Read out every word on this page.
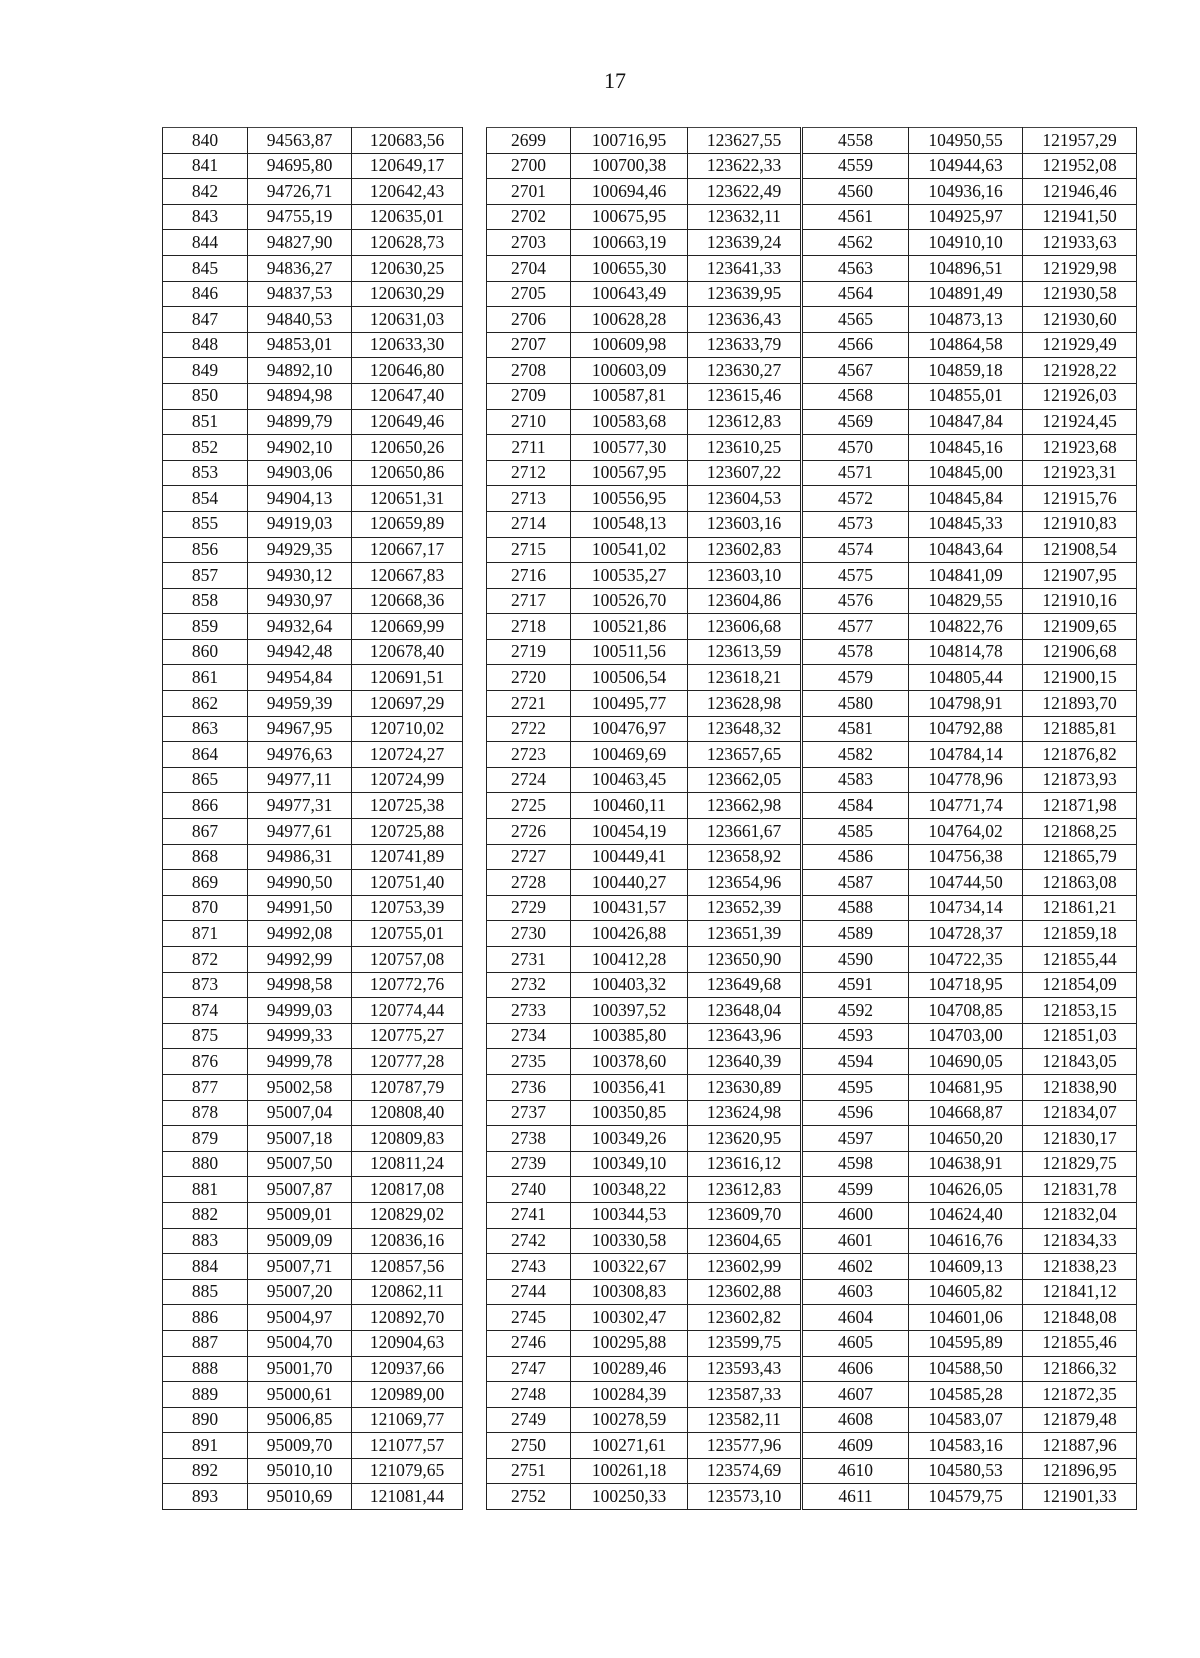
17
840	94563,87	120683,56
841	94695,80	120649,17
842	94726,71	120642,43
843	94755,19	120635,01
844	94827,90	120628,73
845	94836,27	120630,25
846	94837,53	120630,29
847	94840,53	120631,03
848	94853,01	120633,30
849	94892,10	120646,80
850	94894,98	120647,40
851	94899,79	120649,46
852	94902,10	120650,26
853	94903,06	120650,86
854	94904,13	120651,31
855	94919,03	120659,89
856	94929,35	120667,17
857	94930,12	120667,83
858	94930,97	120668,36
859	94932,64	120669,99
860	94942,48	120678,40
861	94954,84	120691,51
862	94959,39	120697,29
863	94967,95	120710,02
864	94976,63	120724,27
865	94977,11	120724,99
866	94977,31	120725,38
867	94977,61	120725,88
868	94986,31	120741,89
869	94990,50	120751,40
870	94991,50	120753,39
871	94992,08	120755,01
872	94992,99	120757,08
873	94998,58	120772,76
874	94999,03	120774,44
875	94999,33	120775,27
876	94999,78	120777,28
877	95002,58	120787,79
878	95007,04	120808,40
879	95007,18	120809,83
880	95007,50	120811,24
881	95007,87	120817,08
882	95009,01	120829,02
883	95009,09	120836,16
884	95007,71	120857,56
885	95007,20	120862,11
886	95004,97	120892,70
887	95004,70	120904,63
888	95001,70	120937,66
889	95000,61	120989,00
890	95006,85	121069,77
891	95009,70	121077,57
892	95010,10	121079,65
893	95010,69	121081,44
2699	100716,95	123627,55
2700	100700,38	123622,33
2701	100694,46	123622,49
2702	100675,95	123632,11
2703	100663,19	123639,24
2704	100655,30	123641,33
2705	100643,49	123639,95
2706	100628,28	123636,43
2707	100609,98	123633,79
2708	100603,09	123630,27
2709	100587,81	123615,46
2710	100583,68	123612,83
2711	100577,30	123610,25
2712	100567,95	123607,22
2713	100556,95	123604,53
2714	100548,13	123603,16
2715	100541,02	123602,83
2716	100535,27	123603,10
2717	100526,70	123604,86
2718	100521,86	123606,68
2719	100511,56	123613,59
2720	100506,54	123618,21
2721	100495,77	123628,98
2722	100476,97	123648,32
2723	100469,69	123657,65
2724	100463,45	123662,05
2725	100460,11	123662,98
2726	100454,19	123661,67
2727	100449,41	123658,92
2728	100440,27	123654,96
2729	100431,57	123652,39
2730	100426,88	123651,39
2731	100412,28	123650,90
2732	100403,32	123649,68
2733	100397,52	123648,04
2734	100385,80	123643,96
2735	100378,60	123640,39
2736	100356,41	123630,89
2737	100350,85	123624,98
2738	100349,26	123620,95
2739	100349,10	123616,12
2740	100348,22	123612,83
2741	100344,53	123609,70
2742	100330,58	123604,65
2743	100322,67	123602,99
2744	100308,83	123602,88
2745	100302,47	123602,82
2746	100295,88	123599,75
2747	100289,46	123593,43
2748	100284,39	123587,33
2749	100278,59	123582,11
2750	100271,61	123577,96
2751	100261,18	123574,69
2752	100250,33	123573,10
4558	104950,55	121957,29
4559	104944,63	121952,08
4560	104936,16	121946,46
4561	104925,97	121941,50
4562	104910,10	121933,63
4563	104896,51	121929,98
4564	104891,49	121930,58
4565	104873,13	121930,60
4566	104864,58	121929,49
4567	104859,18	121928,22
4568	104855,01	121926,03
4569	104847,84	121924,45
4570	104845,16	121923,68
4571	104845,00	121923,31
4572	104845,84	121915,76
4573	104845,33	121910,83
4574	104843,64	121908,54
4575	104841,09	121907,95
4576	104829,55	121910,16
4577	104822,76	121909,65
4578	104814,78	121906,68
4579	104805,44	121900,15
4580	104798,91	121893,70
4581	104792,88	121885,81
4582	104784,14	121876,82
4583	104778,96	121873,93
4584	104771,74	121871,98
4585	104764,02	121868,25
4586	104756,38	121865,79
4587	104744,50	121863,08
4588	104734,14	121861,21
4589	104728,37	121859,18
4590	104722,35	121855,44
4591	104718,95	121854,09
4592	104708,85	121853,15
4593	104703,00	121851,03
4594	104690,05	121843,05
4595	104681,95	121838,90
4596	104668,87	121834,07
4597	104650,20	121830,17
4598	104638,91	121829,75
4599	104626,05	121831,78
4600	104624,40	121832,04
4601	104616,76	121834,33
4602	104609,13	121838,23
4603	104605,82	121841,12
4604	104601,06	121848,08
4605	104595,89	121855,46
4606	104588,50	121866,32
4607	104585,28	121872,35
4608	104583,07	121879,48
4609	104583,16	121887,96
4610	104580,53	121896,95
4611	104579,75	121901,33
